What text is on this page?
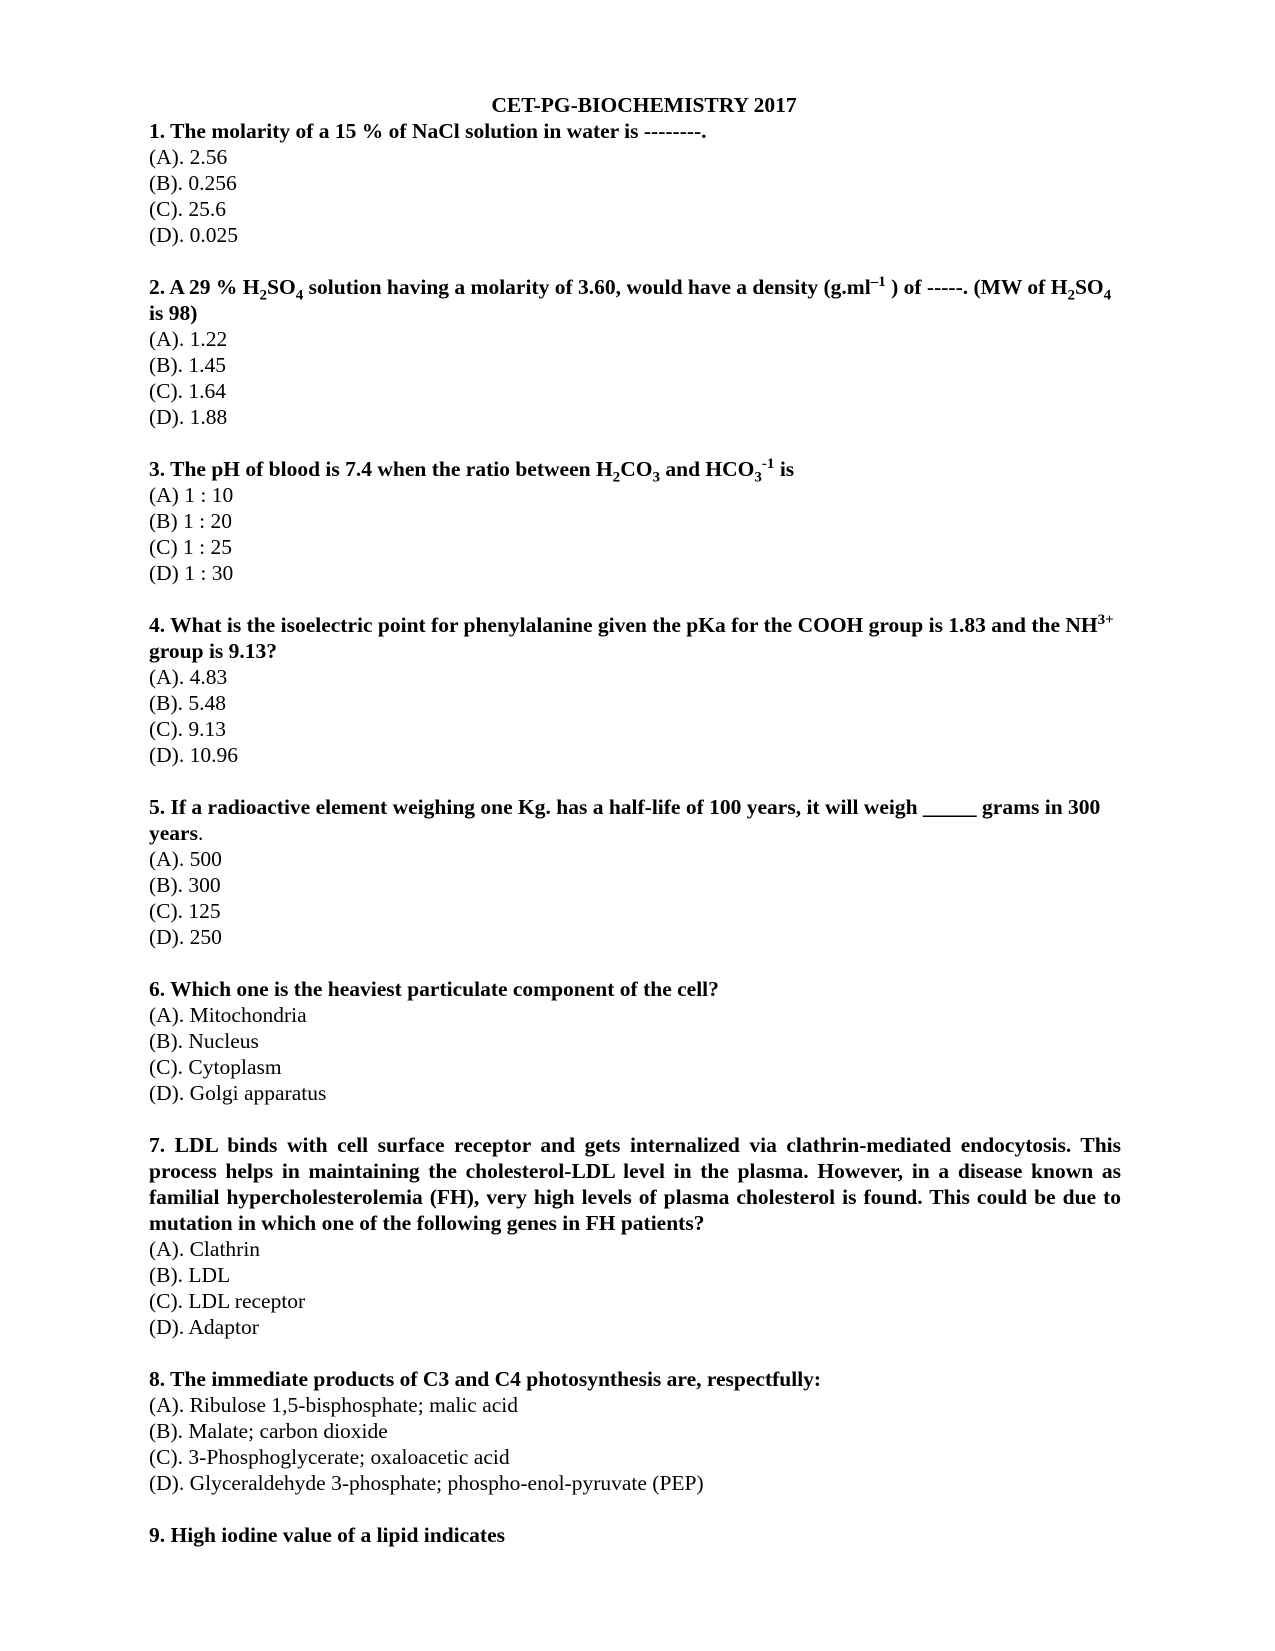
CET-PG-BIOCHEMISTRY 2017

1. The molarity of a 15 % of NaCl solution in water is --------.

(A). 2.56

(B). 0.256

(C). 25.6

(D). 0.025

2. A 29 % $H_2SO_4$ solution having a molarity of 3.60, would have a density ($g.ml^{-1}$ ) of -----. (MW of $H_2SO_4$ is 98)

(A). 1.22

(B). 1.45

(C). 1.64

(D). 1.88

3. The pH of blood is 7.4 when the ratio between $H_2CO_3$ and $HCO_3^{-1}$ is

(A) 1 : 10

(B) 1 : 20

(C) 1 : 25

(D) 1 : 30

4. What is the isoelectric point for phenylalanine given the pKa for the COOH group is 1.83 and the $NH^{3+}$ group is 9.13?

(A). 4.83

(B). 5.48

(C). 9.13

(D). 10.96

5. If a radioactive element weighing one Kg. has a half-life of 100 years, it will weigh _____ grams in 300 years.

(A). 500

(B). 300

(C). 125

(D). 250

6. Which one is the heaviest particulate component of the cell?

(A). Mitochondria

(B). Nucleus

(C). Cytoplasm

(D). Golgi apparatus

7. LDL binds with cell surface receptor and gets internalized via clathrin-mediated endocytosis. This process helps in maintaining the cholesterol-LDL level in the plasma. However, in a disease known as familial hypercholesterolemia (FH), very high levels of plasma cholesterol is found. This could be due to mutation in which one of the following genes in FH patients?

(A). Clathrin

(B). LDL

(C). LDL receptor

(D). Adaptor

8. The immediate products of C3 and C4 photosynthesis are, respectfully:

(A). Ribulose 1,5-bisphosphate; malic acid

(B). Malate; carbon dioxide

(C). 3-Phosphoglycerate; oxaloacetic acid

(D). Glyceraldehyde 3-phosphate; phospho-enol-pyruvate (PEP)

9. High iodine value of a lipid indicates
